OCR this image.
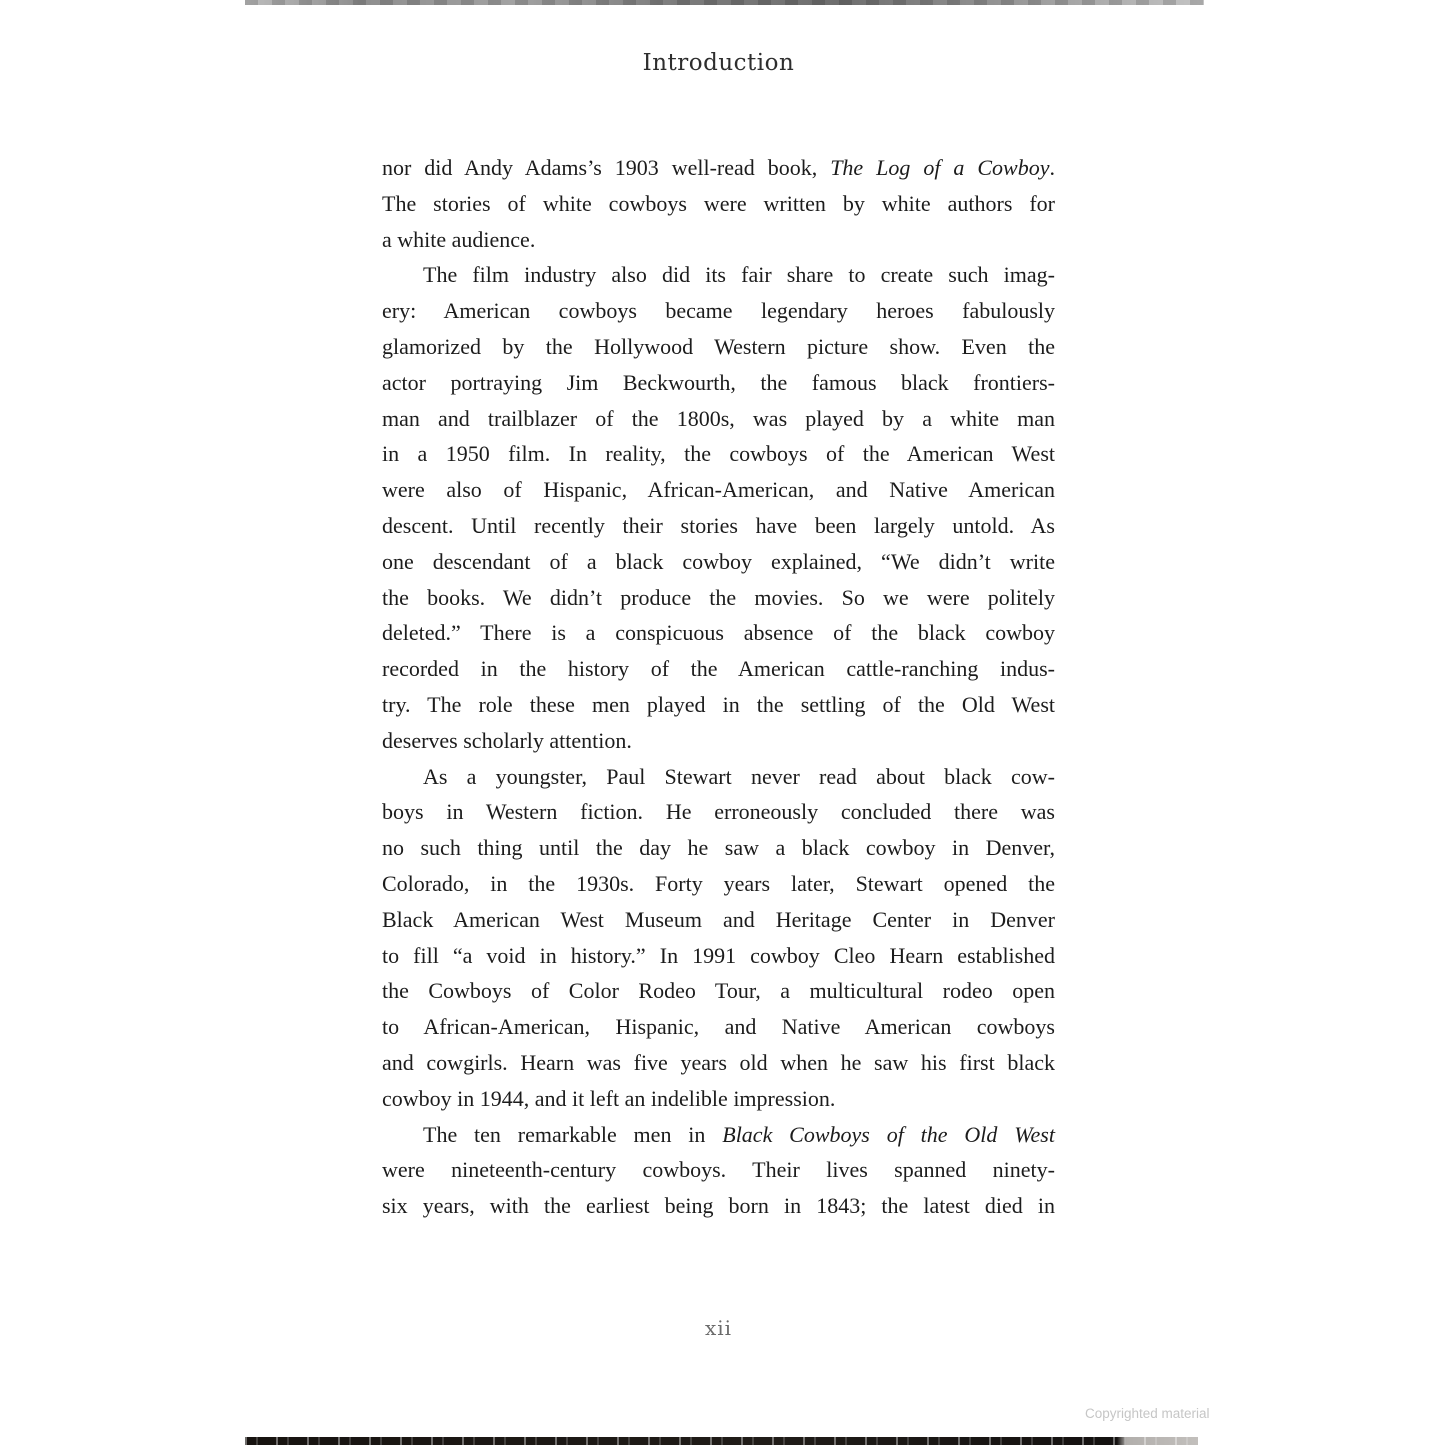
Introduction
nor did Andy Adams’s 1903 well-read book, The Log of a Cowboy.
The stories of white cowboys were written by white authors for
a white audience.
The film industry also did its fair share to create such imag-
ery: American cowboys became legendary heroes fabulously
glamorized by the Hollywood Western picture show. Even the
actor portraying Jim Beckwourth, the famous black frontiers-
man and trailblazer of the 1800s, was played by a white man
in a 1950 film. In reality, the cowboys of the American West
were also of Hispanic, African-American, and Native American
descent. Until recently their stories have been largely untold. As
one descendant of a black cowboy explained, “We didn’t write
the books. We didn’t produce the movies. So we were politely
deleted.” There is a conspicuous absence of the black cowboy
recorded in the history of the American cattle-ranching indus-
try. The role these men played in the settling of the Old West
deserves scholarly attention.
As a youngster, Paul Stewart never read about black cow-
boys in Western fiction. He erroneously concluded there was
no such thing until the day he saw a black cowboy in Denver,
Colorado, in the 1930s. Forty years later, Stewart opened the
Black American West Museum and Heritage Center in Denver
to fill “a void in history.” In 1991 cowboy Cleo Hearn established
the Cowboys of Color Rodeo Tour, a multicultural rodeo open
to African-American, Hispanic, and Native American cowboys
and cowgirls. Hearn was five years old when he saw his first black
cowboy in 1944, and it left an indelible impression.
The ten remarkable men in Black Cowboys of the Old West
were nineteenth-century cowboys. Their lives spanned ninety-
six years, with the earliest being born in 1843; the latest died in
xii
Copyrighted material
